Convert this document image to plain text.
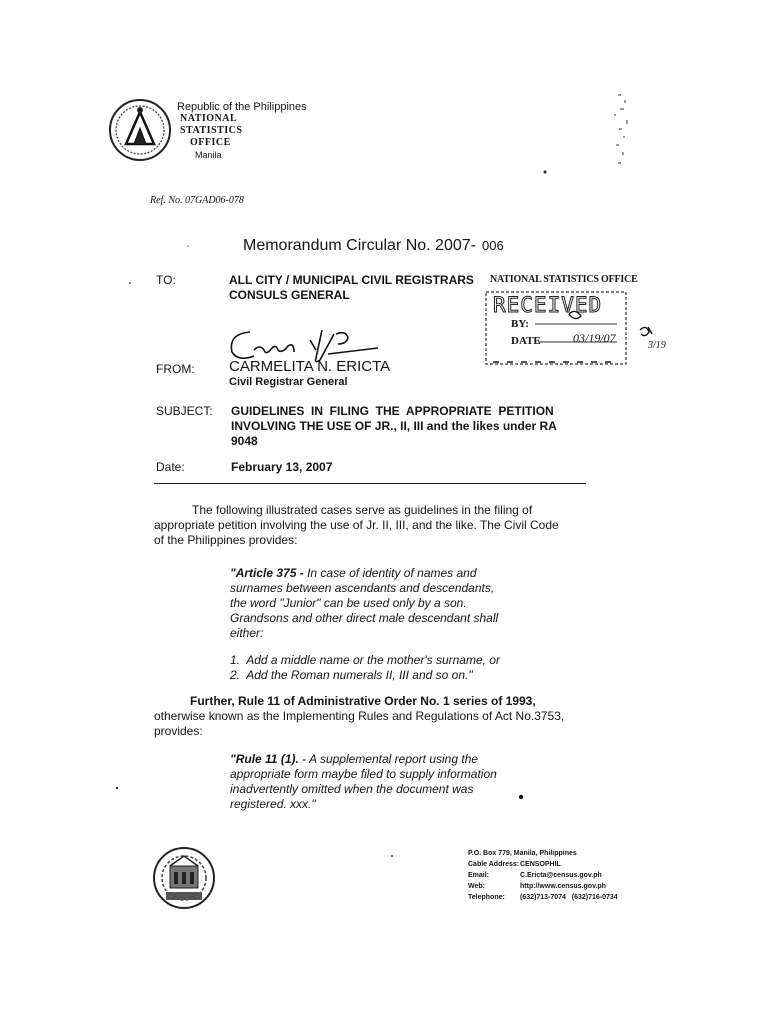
Republic of the Philippines
NATIONAL
STATISTICS
OFFICE
Manila
Ref. No. 07GAD06-078
Memorandum Circular No. 2007- 006
TO:	ALL CITY / MUNICIPAL CIVIL REGISTRARS
CONSULS GENERAL
NATIONAL STATISTICS OFFICE
RECEIVED
BY:
DATE	03/19/07
3/19
FROM: CARMELITA N. ERICTA
Civil Registrar General
SUBJECT: GUIDELINES  IN  FILING  THE  APPROPRIATE  PETITION
INVOLVING THE USE OF JR., II, III and the likes under RA
9048
Date:	February 13, 2007
The following illustrated cases serve as guidelines in the filing of
appropriate petition involving the use of Jr. II, III, and the like. The Civil Code
of the Philippines provides:
"Article 375 - In case of identity of names and
surnames between ascendants and descendants,
the word "Junior" can be used only by a son.
Grandsons and other direct male descendant shall
either:
1.  Add a middle name or the mother's surname, or
2.  Add the Roman numerals II, III and so on."
Further, Rule 11 of Administrative Order No. 1 series of 1993,
otherwise known as the Implementing Rules and Regulations of Act No.3753,
provides:
"Rule 11 (1). - A supplemental report using the
appropriate form maybe filed to supply information
inadvertently omitted when the document was
registered. xxx."
P.O. Box 779, Manila, Philippines
Cable Address:CENSOPHIL
Email:	C.Ericta@census.gov.ph
Web:	http://www.census.gov.ph
Telephone: (632)713-7074   (632)716-0734
